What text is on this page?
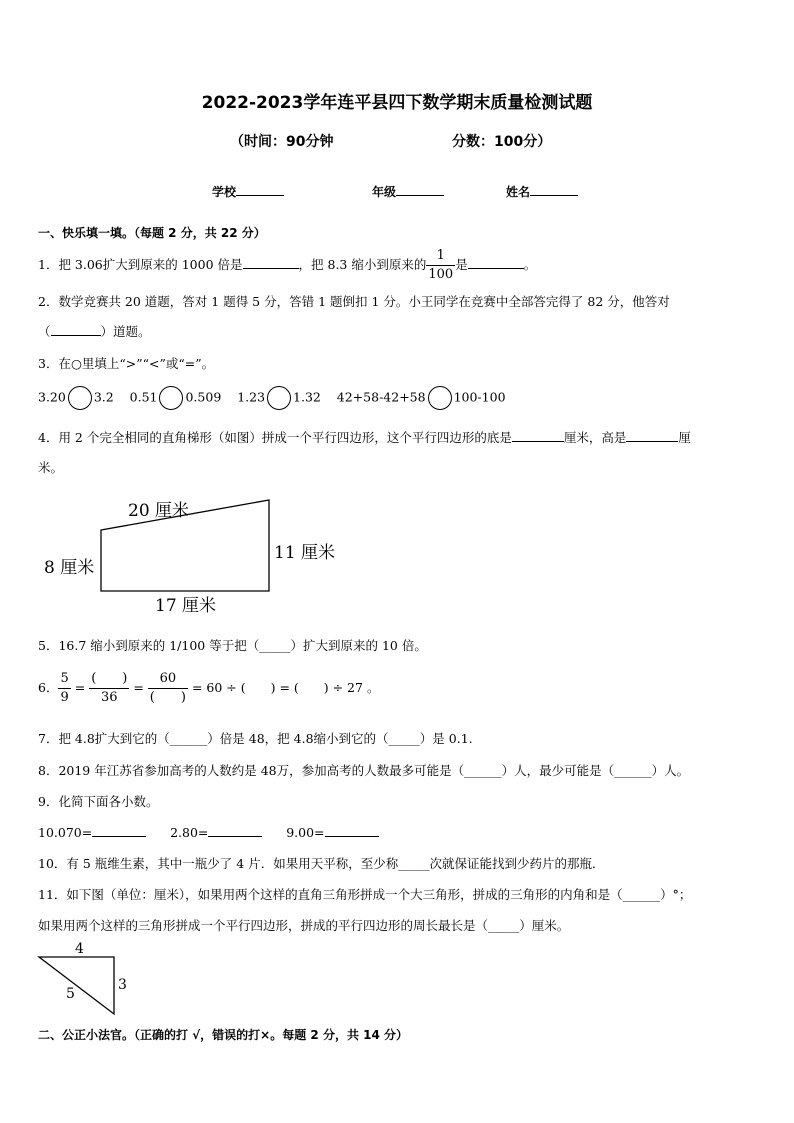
2022-2023学年连平县四下数学期末质量检测试题
（时间：90分钟	分数：100分）
学校	年级	姓名
一、快乐填一填。（每题 2 分，共 22 分）
1．把 3.06扩大到原来的 1000 倍是	，把 8.3 缩小到原来的 $\frac{1}{100}$ 是	。
2．数学竞赛共 20 道题，答对 1 题得 5 分，答错 1 题倒扣 1 分。小王同学在竞赛中全部答完得了 82 分，他答对
（	）道题。
3．在○里填上“>”“<”或“=”。
3.20 3.2 0.51 0.509 1.23 1.32 42+58-42+58 100-100
4．用 2 个完全相同的直角梯形（如图）拼成一个平行四边形，这个平行四边形的底是	厘米，高是	厘
米。
20 厘米
8 厘米
11 厘米
17 厘米
5．16.7 缩小到原来的 1/100 等于把（_____）扩大到原来的 10 倍。
6． $\frac{5}{9} = \frac{( )}{36} = \frac{60}{( )} = 60$ ÷ (　　) = (　　) ÷ 27 。
7．把 4.8扩大到它的（______）倍是 48，把 4.8缩小到它的（_____）是 0.1.
8．2019 年江苏省参加高考的人数约是 48万，参加高考的人数最多可能是（______）人，最少可能是（______）人。
9．化简下面各小数。
10.070=	2.80=	9.00=
10．有 5 瓶维生素，其中一瓶少了 4 片．如果用天平称，至少称_____次就保证能找到少药片的那瓶．
11．如下图（单位：厘米），如果用两个这样的直角三角形拼成一个大三角形，拼成的三角形的内角和是（______）°；
如果用两个这样的三角形拼成一个平行四边形，拼成的平行四边形的周长最长是（_____）厘米。
4
3
5
二、公正小法官。（正确的打 √，错误的打×。每题 2 分，共 14 分）
